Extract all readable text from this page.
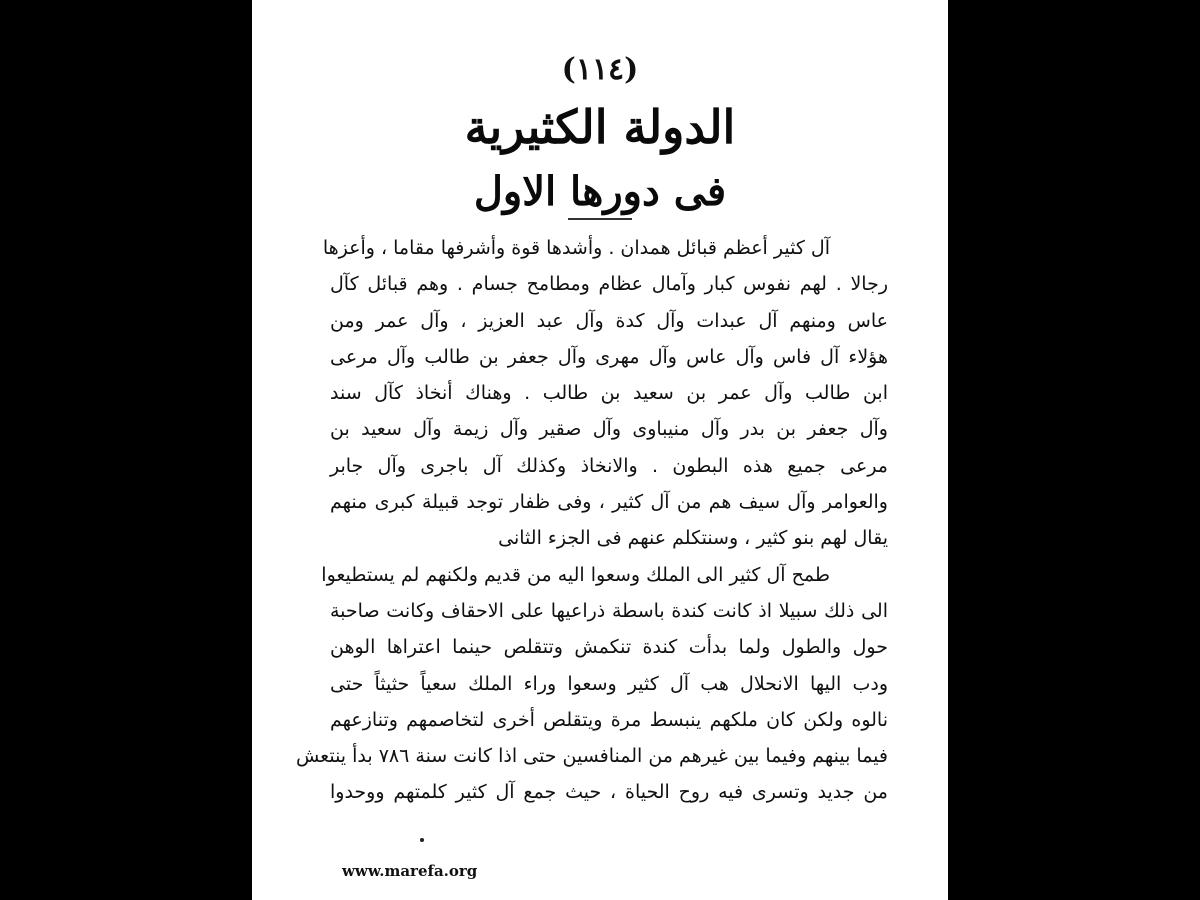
(١١٤)
الدولة الكثيرية
فى دورها الاول
آل كثير أعظم قبائل همدان . وأشدها قوة وأشرفها مقاما ، وأعزها
رجالا . لهم نفوس كبار وآمال عظام ومطامح جسام . وهم قبائل كآل
عاس ومنهم آل عبدات وآل كدة وآل عبد العزيز ، وآل عمر ومن
هؤلاء آل فاس وآل عاس وآل مهرى وآل جعفر بن طالب وآل مرعى
ابن طالب وآل عمر بن سعيد بن طالب . وهناك أنخاذ كآل سند
وآل جعفر بن بدر وآل منيباوى وآل صقير وآل زيمة وآل سعيد بن
مرعى جميع هذه البطون . والانخاذ وكذلك آل باجرى وآل جابر
والعوامر وآل سيف هم من آل كثير ، وفى ظفار توجد قبيلة كبرى منهم
يقال لهم بنو كثير ، وسنتكلم عنهم فى الجزء الثانى
طمح آل كثير الى الملك وسعوا اليه من قديم ولكنهم لم يستطيعوا
الى ذلك سبيلا اذ كانت كندة باسطة ذراعيها على الاحقاف وكانت صاحبة
حول والطول ولما بدأت كندة تنكمش وتتقلص حينما اعتراها الوهن
ودب اليها الانحلال هب آل كثير وسعوا وراء الملك سعياً حثيثاً حتى
نالوه ولكن كان ملكهم ينبسط مرة ويتقلص أخرى لتخاصمهم وتنازعهم
فيما بينهم وفيما بين غيرهم من المنافسين حتى اذا كانت سنة ٧٨٦ بدأ ينتعش
من جديد وتسرى فيه روح الحياة ، حيث جمع آل كثير كلمتهم ووحدوا
www.marefa.org
